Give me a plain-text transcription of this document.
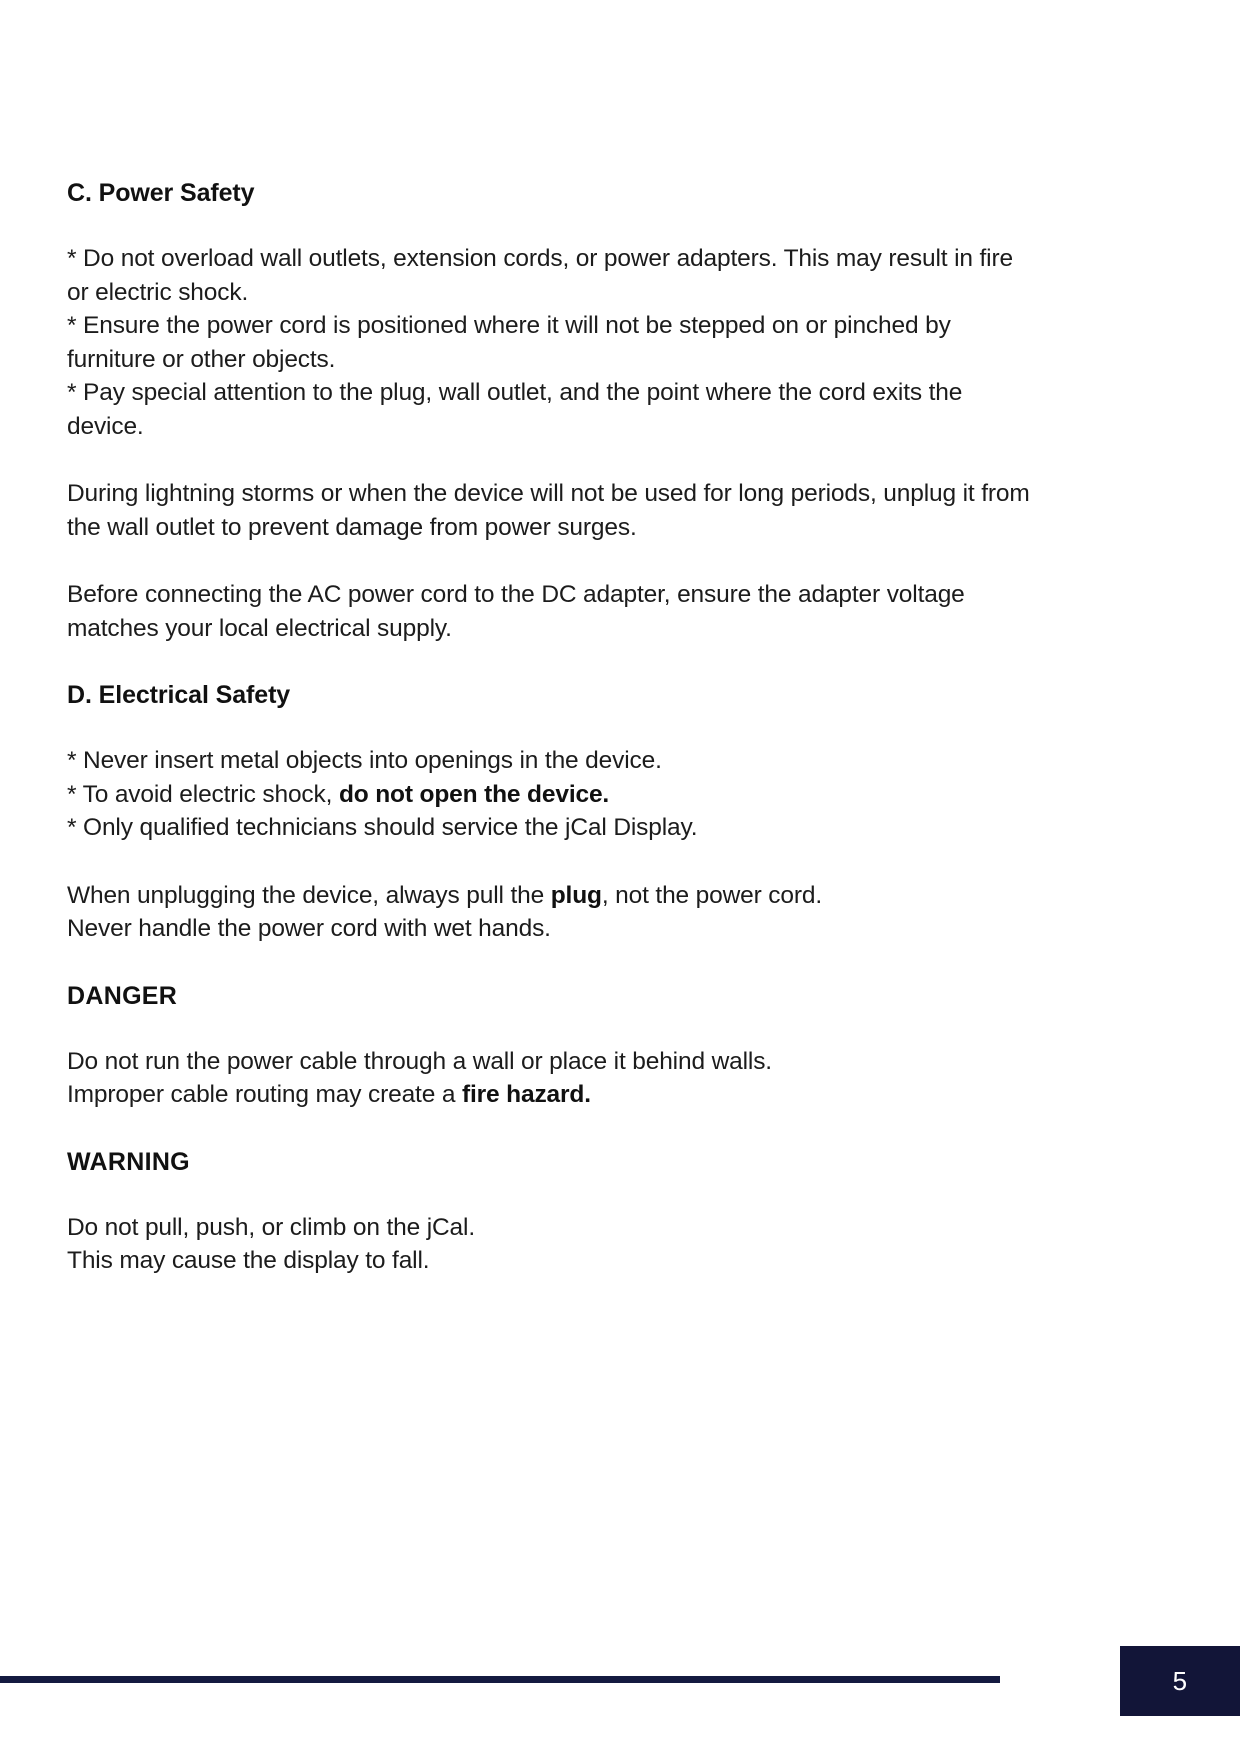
C. Power Safety

* Do not overload wall outlets, extension cords, or power adapters. This may result in fire or electric shock.
* Ensure the power cord is positioned where it will not be stepped on or pinched by furniture or other objects.
* Pay special attention to the plug, wall outlet, and the point where the cord exits the device.

During lightning storms or when the device will not be used for long periods, unplug it from the wall outlet to prevent damage from power surges.

Before connecting the AC power cord to the DC adapter, ensure the adapter voltage matches your local electrical supply.

D. Electrical Safety

* Never insert metal objects into openings in the device.
* To avoid electric shock, do not open the device.
* Only qualified technicians should service the jCal Display.

When unplugging the device, always pull the plug, not the power cord.
Never handle the power cord with wet hands.

DANGER

Do not run the power cable through a wall or place it behind walls.
Improper cable routing may create a fire hazard.

WARNING

Do not pull, push, or climb on the jCal.
This may cause the display to fall.

5
